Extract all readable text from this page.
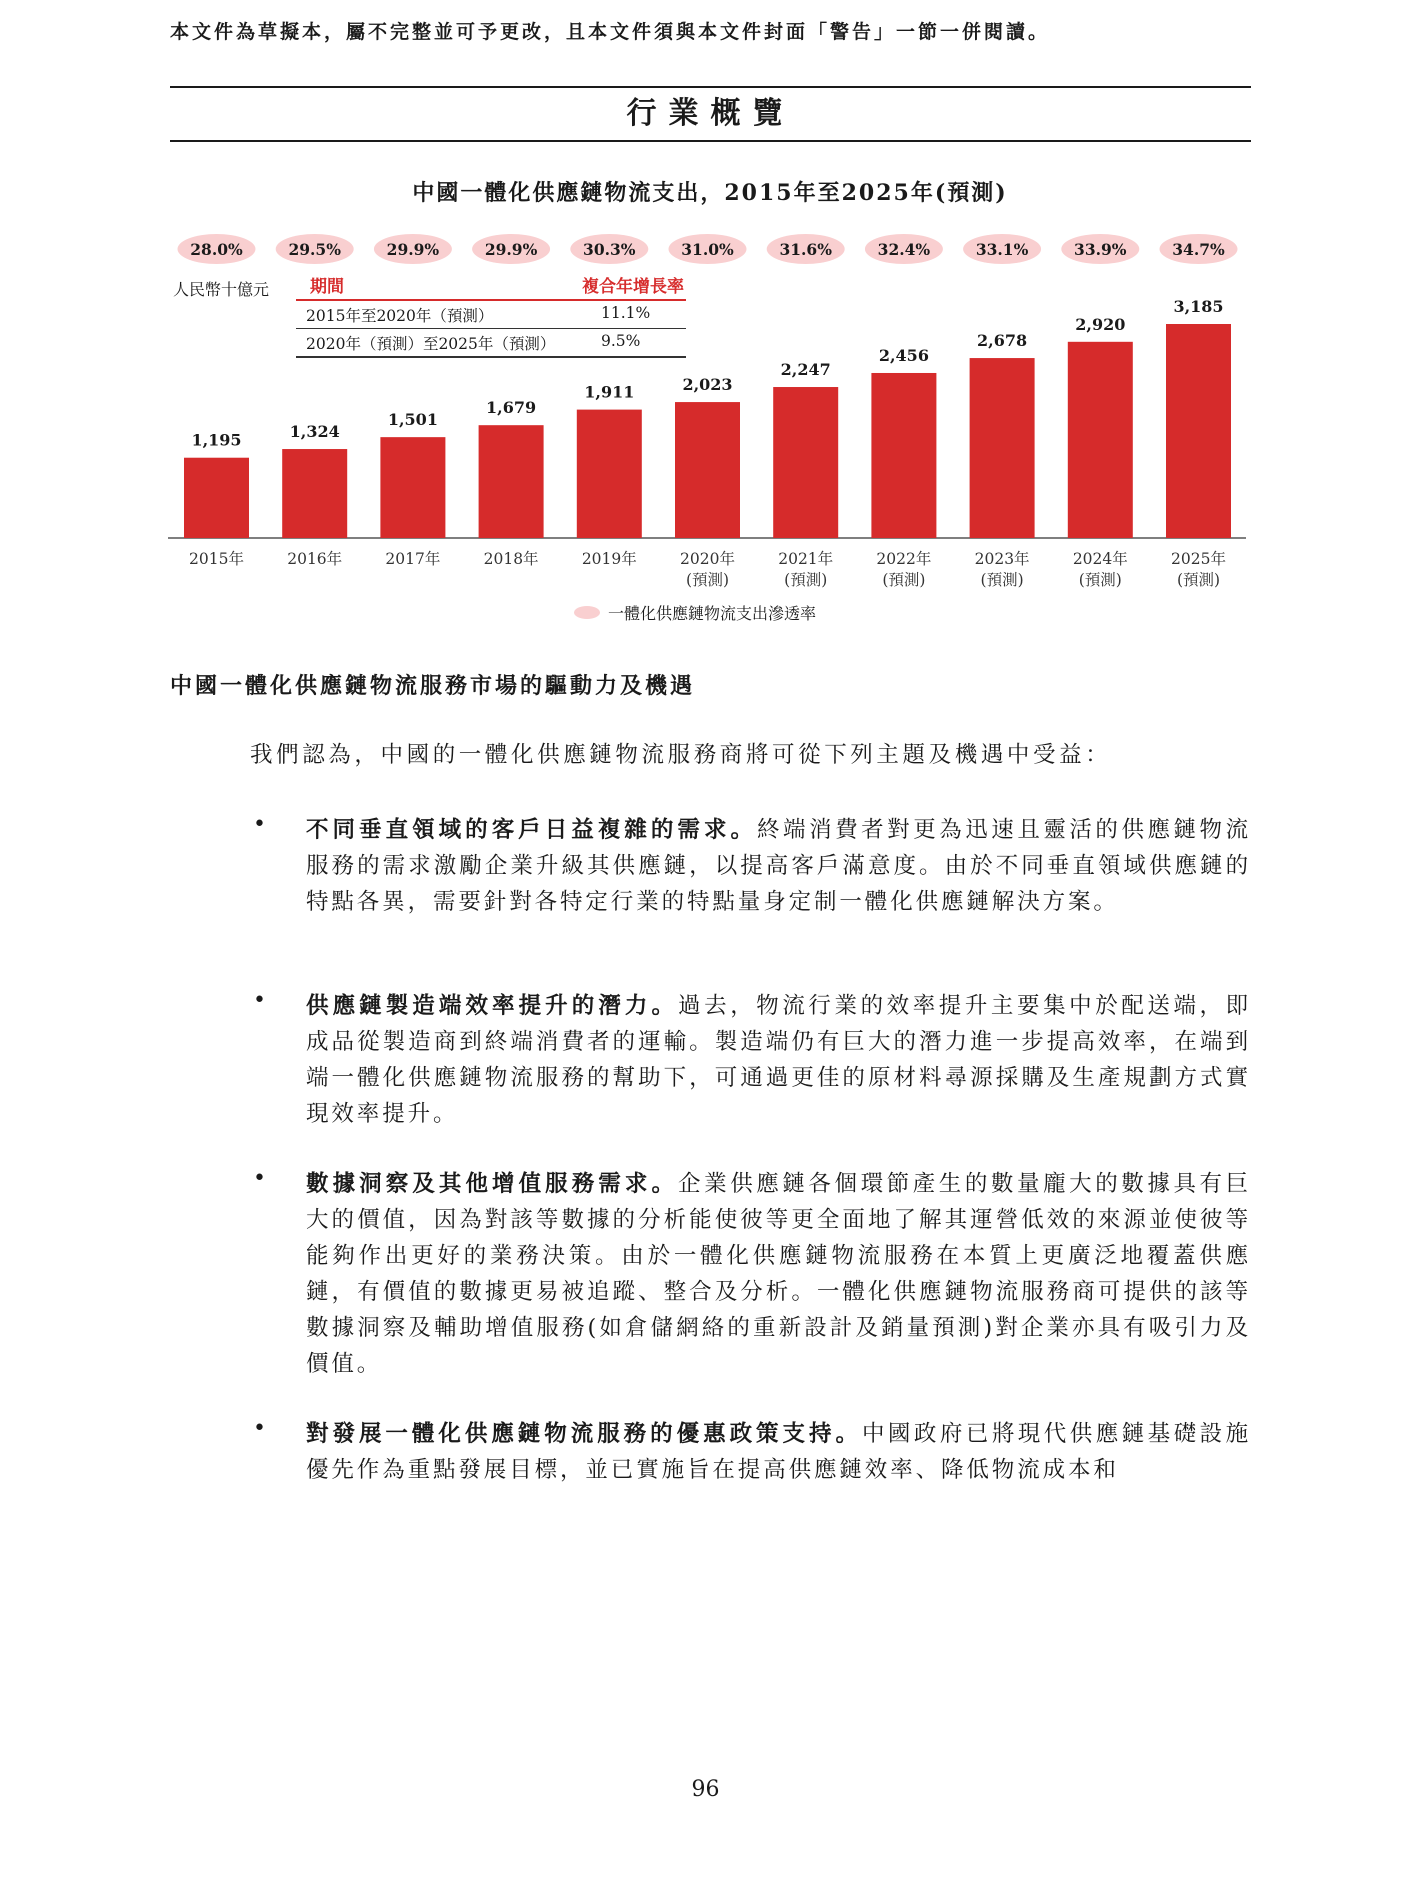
本文件為草擬本，屬不完整並可予更改，且本文件須與本文件封面「警告」一節一併閱讀。
行業概覽
中國一體化供應鏈物流支出，2015年至2025年(預測)
1,195
28.0%
2015年
1,324
29.5%
2016年
1,501
29.9%
2017年
1,679
29.9%
2018年
1,911
30.3%
2019年
2,023
31.0%
2020年
(預測)
2,247
31.6%
2021年
(預測)
2,456
32.4%
2022年
(預測)
2,678
33.1%
2023年
(預測)
2,920
33.9%
2024年
(預測)
3,185
34.7%
2025年
(預測)
人民幣十億元 期間	複合年增長率
2015年至2020年（預測）	11.1%
2020年（預測）至2025年（預測）	9.5%
一體化供應鏈物流支出滲透率
中國一體化供應鏈物流服務市場的驅動力及機遇
我們認為，中國的一體化供應鏈物流服務商將可從下列主題及機遇中受益：
• 不同垂直領域的客戶日益複雜的需求。終端消費者對更為迅速且靈活的供應鏈物流服務的需求激勵企業升級其供應鏈，以提高客戶滿意度。由於不同垂直領域供應鏈的特點各異，需要針對各特定行業的特點量身定制一體化供應鏈解決方案。
• 供應鏈製造端效率提升的潛力。過去，物流行業的效率提升主要集中於配送端，即成品從製造商到終端消費者的運輸。製造端仍有巨大的潛力進一步提高效率，在端到端一體化供應鏈物流服務的幫助下，可通過更佳的原材料尋源採購及生產規劃方式實現效率提升。
• 數據洞察及其他增值服務需求。企業供應鏈各個環節產生的數量龐大的數據具有巨大的價值，因為對該等數據的分析能使彼等更全面地了解其運營低效的來源並使彼等能夠作出更好的業務決策。由於一體化供應鏈物流服務在本質上更廣泛地覆蓋供應鏈，有價值的數據更易被追蹤、整合及分析。一體化供應鏈物流服務商可提供的該等數據洞察及輔助增值服務(如倉儲網絡的重新設計及銷量預測)對企業亦具有吸引力及價值。
• 對發展一體化供應鏈物流服務的優惠政策支持。中國政府已將現代供應鏈基礎設施優先作為重點發展目標，並已實施旨在提高供應鏈效率、降低物流成本和
96
